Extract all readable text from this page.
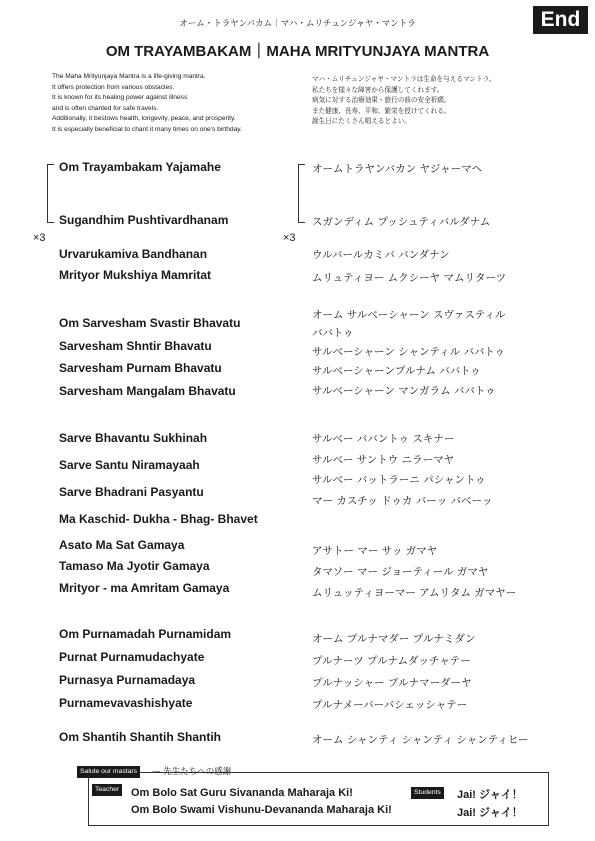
End
オーム・トラヤンバカム｜マハ・ムリチュンジャヤ・マントラ
OM TRAYAMBAKAM｜MAHA MRITYUNJAYA MANTRA
The Maha Mrityunjaya Mantra is a life-giving mantra.
It offers protection from various obstacles.
It is known for its healing power against illness
and is often chanted for safe travels.
Additionally, it bestows health, longevity, peace, and prosperity.
It is especially beneficial to chant it many times on one's birthday.
マハ・ムリチュンジャヤ・マントラは生命を与えるマントラ。
私たちを様々な障害から保護してくれます。
病気に対する治療効果・旅行の前の安全祈願。
また健康、長寿、平和、繁栄を授けてくれる。
誕生日にたくさん唱えるとよい。
×3	×3
Om Trayambakam Yajamahe
Sugandhim Pushtivardhanam
Urvarukamiva Bandhanan
Mrityor Mukshiya Mamritat
Om Sarvesham Svastir Bhavatu
Sarvesham Shntir Bhavatu
Sarvesham Purnam Bhavatu
Sarvesham Mangalam Bhavatu
Sarve Bhavantu Sukhinah
Sarve Santu Niramayaah
Sarve Bhadrani Pasyantu
Ma Kaschid- Dukha - Bhag- Bhavet
Asato Ma Sat Gamaya
Tamaso Ma Jyotir Gamaya
Mrityor - ma Amritam Gamaya
Om Purnamadah Purnamidam
Purnat Purnamudachyate
Purnasya Purnamadaya
Purnamevavashishyate
Om Shantih Shantih Shantih
オームトラヤンバカン ヤジャーマヘ
スガンディム プッシュティバルダナム
ウルバールカミバ バンダナン
ムリュティヨー ムクシーヤ マムリターツ
オーム サルベーシャーン スヴァスティル
ババトゥ
サルベーシャーン シャンティル ババトゥ
サルベーシャーンプルナム ババトゥ
サルベーシャーン マンガラム ババトゥ
サルベー ババントゥ スキナー
サルベー サントウ ニラーマヤ
サルベー バットラーニ パシャントゥ
マー カスチッ ドゥカ バーッ バベーッ
アサトー マー サッ ガマヤ
タマソー マー ジョーティール ガマヤ
ムリュッティヨーマー アムリタム ガマヤー
オーム プルナマダー プルナミダン
プルナーツ プルナムダッチャテー
プルナッシャー プルナマーダーヤ
プルナメーバーバシェッシャテー
オーム シャンティ シャンティ シャンティヒー
Salute our mastars	— 先生たちへの感謝
Teacher Om Bolo Sat Guru Sivananda Maharaja Ki!	Students Jai! ジャイ！
Om Bolo Swami Vishunu-Devananda Maharaja Ki!	Jai! ジャイ！
